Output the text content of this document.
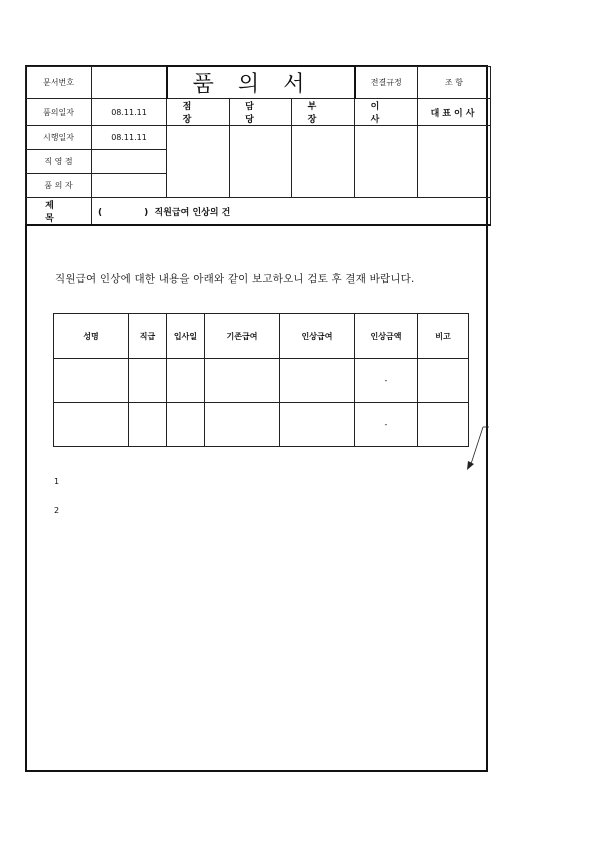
문서번호		품의서			전결규정	조 항
품의일자	08.11.11	점 장	담 당	부 장	이 사	대표이사
시행일자	08.11.11					
직 영 점						
품 의 자						
제 목	( ) 직원급여 인상의 건					
직원급여 인상에 대한 내용을 아래와 같이 보고하오니 검토 후 결재 바랍니다.
성명	직급	입사일	기존급여	인상급여	인상금액	비고
					-	
					-	
1
2
